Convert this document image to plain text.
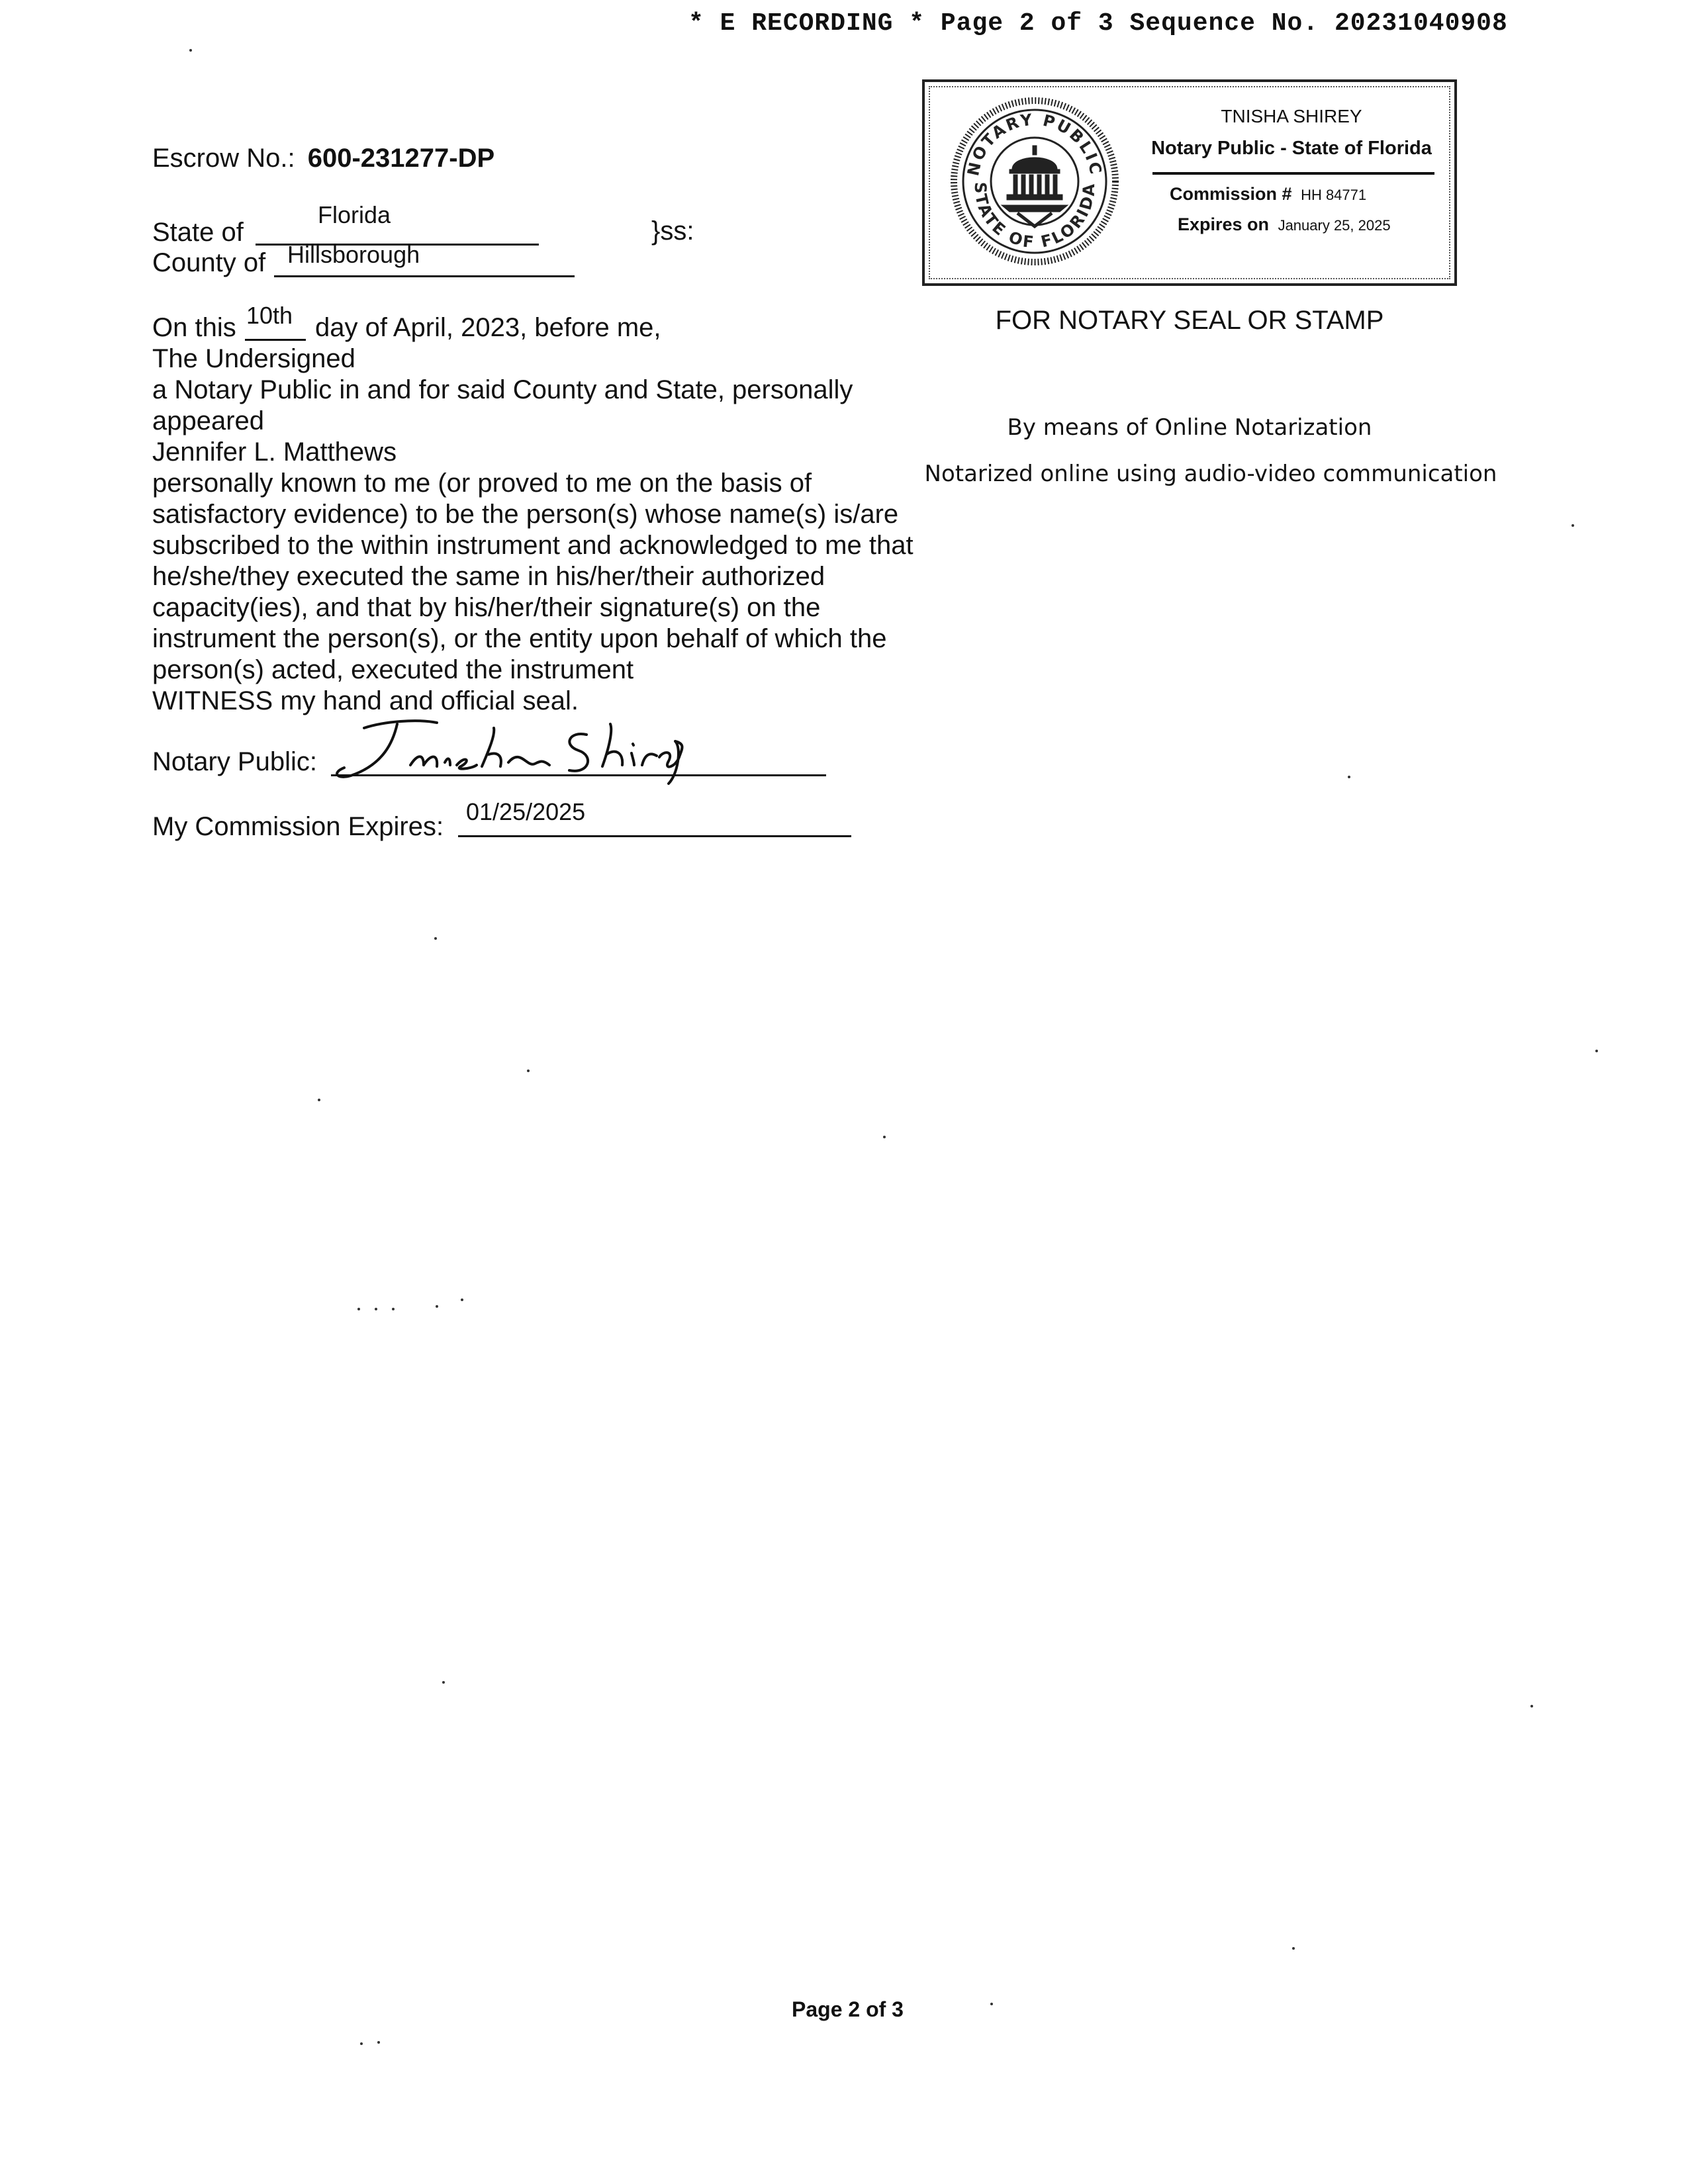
* E RECORDING * Page 2 of 3 Sequence No. 20231040908
Escrow No.: 600-231277-DP
State of
Florida
}ss:
County of Hillsborough
On this 10th day of April, 2023, before me,
The Undersigned
a Notary Public in and for said County and State, personally
appeared
Jennifer L. Matthews
personally known to me (or proved to me on the basis of
satisfactory evidence) to be the person(s) whose name(s) is/are
subscribed to the within instrument and acknowledged to me that
he/she/they executed the same in his/her/their authorized
capacity(ies), and that by his/her/their signature(s) on the
instrument the person(s), or the entity upon behalf of which the
person(s) acted, executed the instrument
WITNESS my hand and official seal.
Notary Public:
My Commission Expires:
01/25/2025
NOTARY PUBLIC
STATE OF FLORIDA
TNISHA SHIREY
Notary Public - State of Florida
Commission # HH 84771
Expires on January 25, 2025
FOR NOTARY SEAL OR STAMP
By means of Online Notarization
Notarized online using audio-video communication
Page 2 of 3
